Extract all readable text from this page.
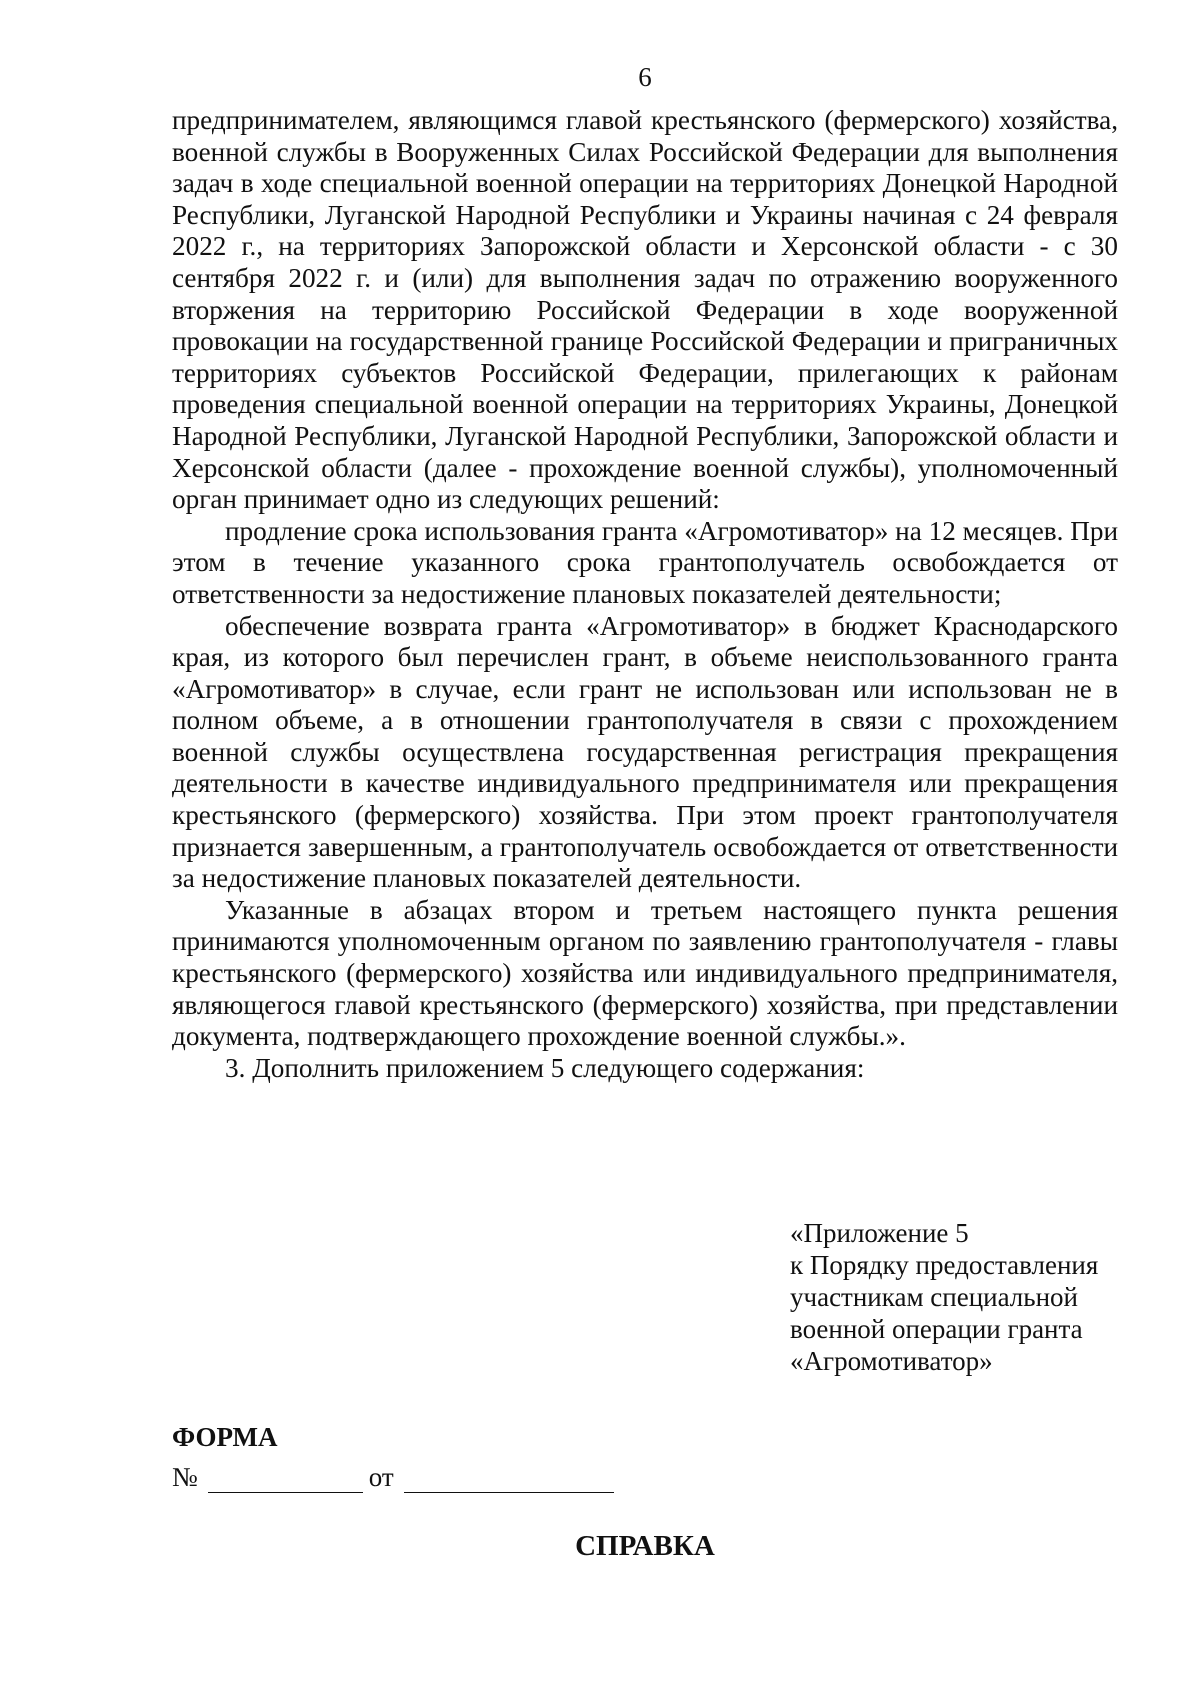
6

предпринимателем, являющимся главой крестьянского (фермерского) хозяйства, военной службы в Вооруженных Силах Российской Федерации для выполнения задач в ходе специальной военной операции на территориях Донецкой Народной Республики, Луганской Народной Республики и Украины начиная с 24 февраля 2022 г., на территориях Запорожской области и Херсонской области - с 30 сентября 2022 г. и (или) для выполнения задач по отражению вооруженного вторжения на территорию Российской Федерации в ходе вооруженной провокации на государственной границе Российской Федерации и приграничных территориях субъектов Российской Федерации, прилегающих к районам проведения специальной военной операции на территориях Украины, Донецкой Народной Республики, Луганской Народной Республики, Запорожской области и Херсонской области (далее - прохождение военной службы), уполномоченный орган принимает одно из следующих решений:

продление срока использования гранта «Агромотиватор» на 12 месяцев. При этом в течение указанного срока грантополучатель освобождается от ответственности за недостижение плановых показателей деятельности;

обеспечение возврата гранта «Агромотиватор» в бюджет Краснодарского края, из которого был перечислен грант, в объеме неиспользованного гранта «Агромотиватор» в случае, если грант не использован или использован не в полном объеме, а в отношении грантополучателя в связи с прохождением военной службы осуществлена государственная регистрация прекращения деятельности в качестве индивидуального предпринимателя или прекращения крестьянского (фермерского) хозяйства. При этом проект грантополучателя признается завершенным, а грантополучатель освобождается от ответственности за недостижение плановых показателей деятельности.

Указанные в абзацах втором и третьем настоящего пункта решения принимаются уполномоченным органом по заявлению грантополучателя - главы крестьянского (фермерского) хозяйства или индивидуального предпринимателя, являющегося главой крестьянского (фермерского) хозяйства, при представлении документа, подтверждающего прохождение военной службы.».

3. Дополнить приложением 5 следующего содержания:

«Приложение 5
к Порядку предоставления
участникам специальной
военной операции гранта
«Агромотиватор»
ФОРМА
№	от
СПРАВКА
